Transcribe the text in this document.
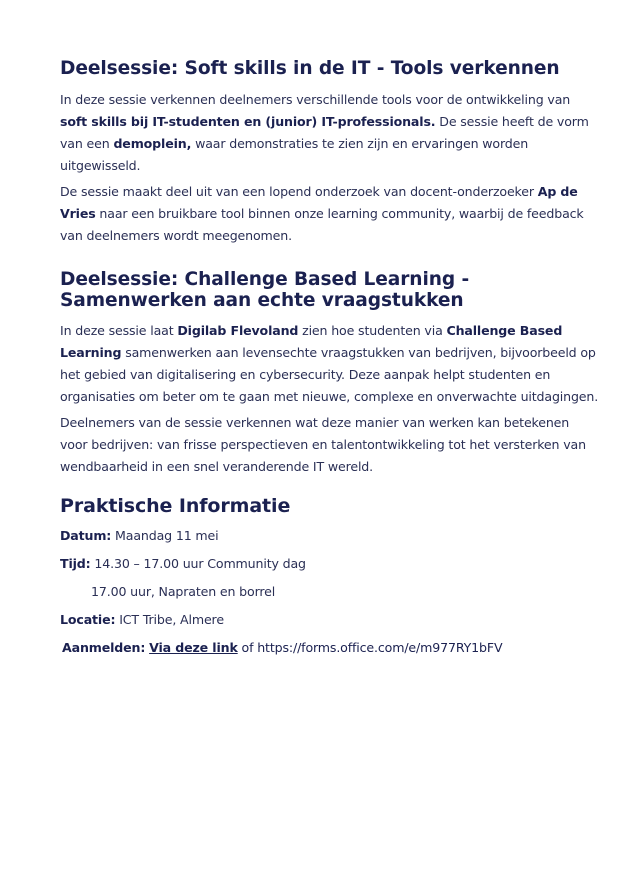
Deelsessie: Soft skills in de IT - Tools verkennen

In deze sessie verkennen deelnemers verschillende tools voor de ontwikkeling van soft skills bij IT-studenten en (junior) IT-professionals. De sessie heeft de vorm van een demoplein, waar demonstraties te zien zijn en ervaringen worden uitgewisseld.

De sessie maakt deel uit van een lopend onderzoek van docent-onderzoeker Ap de Vries naar een bruikbare tool binnen onze learning community, waarbij de feedback van deelnemers wordt meegenomen.

Deelsessie: Challenge Based Learning - Samenwerken aan echte vraagstukken

In deze sessie laat Digilab Flevoland zien hoe studenten via Challenge Based Learning samenwerken aan levensechte vraagstukken van bedrijven, bijvoorbeeld op het gebied van digitalisering en cybersecurity. Deze aanpak helpt studenten en organisaties om beter om te gaan met nieuwe, complexe en onverwachte uitdagingen.

Deelnemers van de sessie verkennen wat deze manier van werken kan betekenen voor bedrijven: van frisse perspectieven en talentontwikkeling tot het versterken van wendbaarheid in een snel veranderende IT wereld.

Praktische Informatie

Datum: Maandag 11 mei

Tijd: 14.30 – 17.00 uur Community dag

17.00 uur, Napraten en borrel

Locatie: ICT Tribe, Almere

Aanmelden: Via deze link of https://forms.office.com/e/m977RY1bFV
